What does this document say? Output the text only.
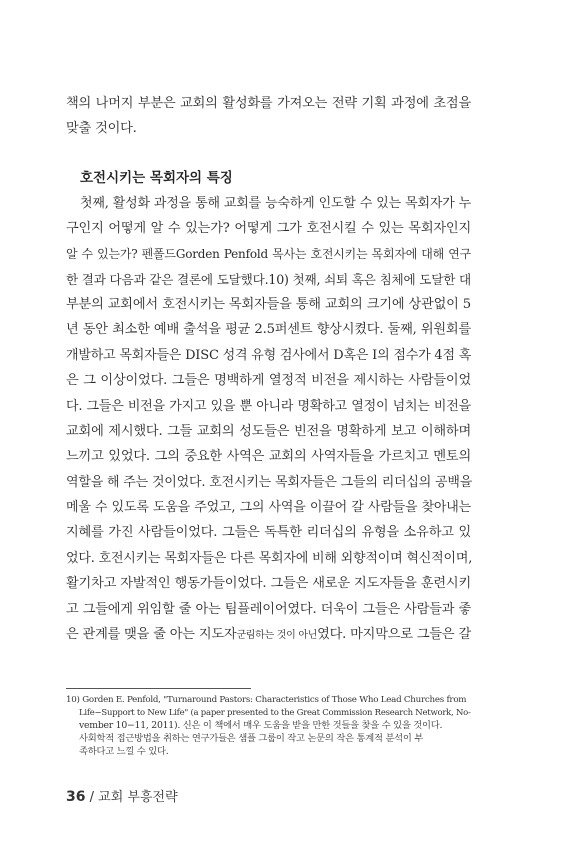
책의 나머지 부분은 교회의 활성화를 가져오는 전략 기획 과정에 초점을
맞출 것이다.
호전시키는 목회자의 특징
첫째, 활성화 과정을 통해 교회를 능숙하게 인도할 수 있는 목회자가 누
구인지 어떻게 알 수 있는가? 어떻게 그가 호전시킬 수 있는 목회자인지
알 수 있는가? 펜폴드Gorden Penfold 목사는 호전시키는 목회자에 대해 연구
한 결과 다음과 같은 결론에 도달했다.10) 첫째, 쇠퇴 혹은 침체에 도달한 대
부분의 교회에서 호전시키는 목회자들을 통해 교회의 크기에 상관없이 5
년 동안 최소한 예배 출석을 평균 2.5퍼센트 향상시켰다. 둘째, 위원회를
개발하고 목회자들은 DISC 성격 유형 검사에서 D혹은 I의 점수가 4점 혹
은 그 이상이었다. 그들은 명백하게 열정적 비전을 제시하는 사람들이었
다. 그들은 비전을 가지고 있을 뿐 아니라 명확하고 열정이 넘치는 비전을
교회에 제시했다. 그들 교회의 성도들은 빈전을 명확하게 보고 이해하며
느끼고 있었다. 그의 중요한 사역은 교회의 사역자들을 가르치고 멘토의
역할을 해 주는 것이었다. 호전시키는 목회자들은 그들의 리더십의 공백을
메울 수 있도록 도움을 주었고, 그의 사역을 이끌어 갈 사람들을 찾아내는
지혜를 가진 사람들이었다. 그들은 독특한 리더십의 유형을 소유하고 있
었다. 호전시키는 목회자들은 다른 목회자에 비해 외향적이며 혁신적이며,
활기차고 자발적인 행동가들이었다. 그들은 새로운 지도자들을 훈련시키
고 그들에게 위임할 줄 아는 팀플레이어였다. 더욱이 그들은 사람들과 좋
은 관계를 맺을 줄 아는 지도자군림하는 것이 아닌였다. 마지막으로 그들은 갈
10) Gorden E. Penfold, "Turnaround Pastors: Characteristics of Those Who Lead Churches from
Life−Support to New Life" (a paper presented to the Great Commission Research Network, No-
vember 10−11, 2011). 신은 이 책에서 매우 도움을 받을 만한 것들을 찾을 수 있을 것이다.
사회학적 접근방법을 취하는 연구가들은 샘플 그룹이 작고 논문의 작은 통계적 분석이 부
족하다고 느낄 수 있다.
36 / 교회 부흥전략
